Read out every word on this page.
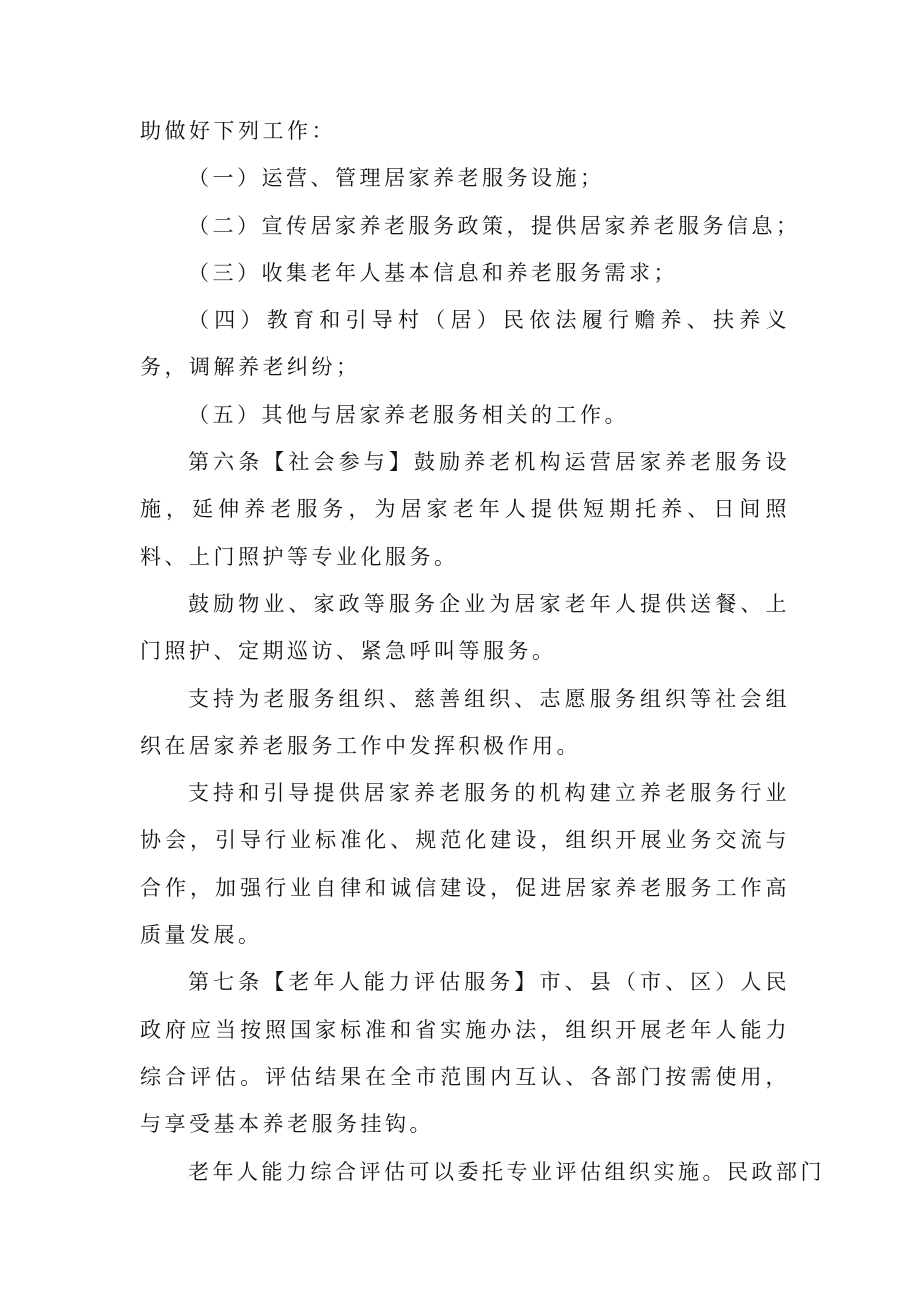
助做好下列工作：

（一）运营、管理居家养老服务设施；

（二）宣传居家养老服务政策，提供居家养老服务信息；

（三）收集老年人基本信息和养老服务需求；

（四）教育和引导村（居）民依法履行赡养、扶养义务，调解养老纠纷；

（五）其他与居家养老服务相关的工作。

第六条【社会参与】鼓励养老机构运营居家养老服务设施，延伸养老服务，为居家老年人提供短期托养、日间照料、上门照护等专业化服务。

鼓励物业、家政等服务企业为居家老年人提供送餐、上门照护、定期巡访、紧急呼叫等服务。

支持为老服务组织、慈善组织、志愿服务组织等社会组织在居家养老服务工作中发挥积极作用。

支持和引导提供居家养老服务的机构建立养老服务行业协会，引导行业标准化、规范化建设，组织开展业务交流与合作，加强行业自律和诚信建设，促进居家养老服务工作高质量发展。

第七条【老年人能力评估服务】市、县（市、区）人民政府应当按照国家标准和省实施办法，组织开展老年人能力综合评估。评估结果在全市范围内互认、各部门按需使用，与享受基本养老服务挂钩。

老年人能力综合评估可以委托专业评估组织实施。民政部门
